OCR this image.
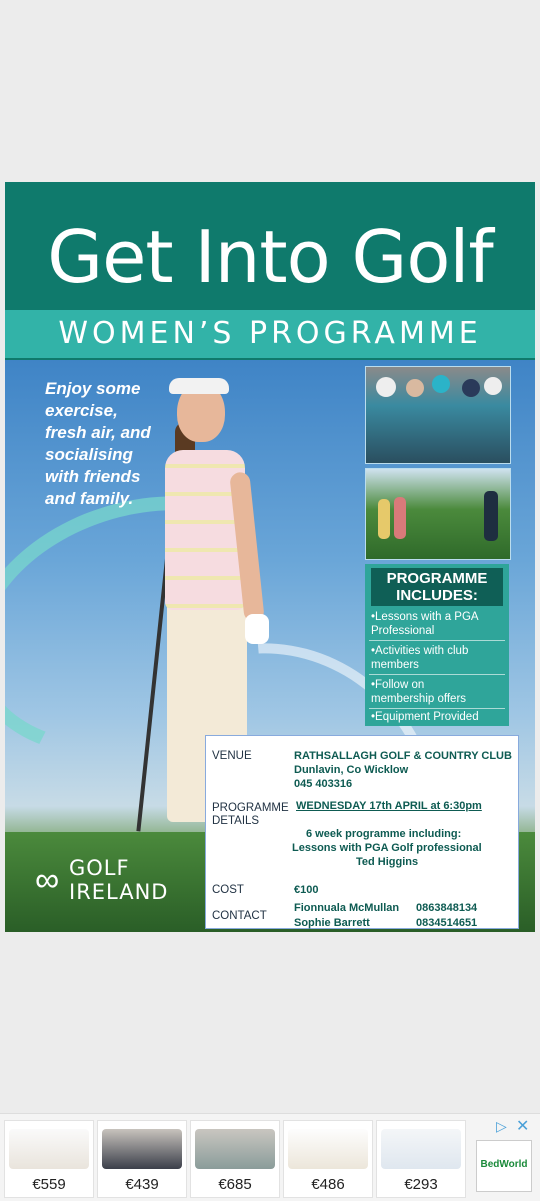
Get Into Golf
WOMEN’S PROGRAMME
Enjoy some
exercise,
fresh air, and
socialising
with friends
and family.
∞ GOLF
IRELAND
PROGRAMME
INCLUDES:
•Lessons with a PGA
Professional
•Activities with club
members
•Follow on
membership offers
•Equipment Provided
VENUE	RATHSALLAGH GOLF & COUNTRY CLUB
Dunlavin, Co Wicklow
045 403316
PROGRAMME
DETAILS
WEDNESDAY 17th APRIL at 6:30pm
6 week programme including:
Lessons with PGA Golf professional
Ted Higgins
COST	€100
CONTACT
Fionnuala McMullan 0863848134
Sophie Barrett	0834514651
€559	€439	€685	€486	€293
▷ ✕
BedWorld
